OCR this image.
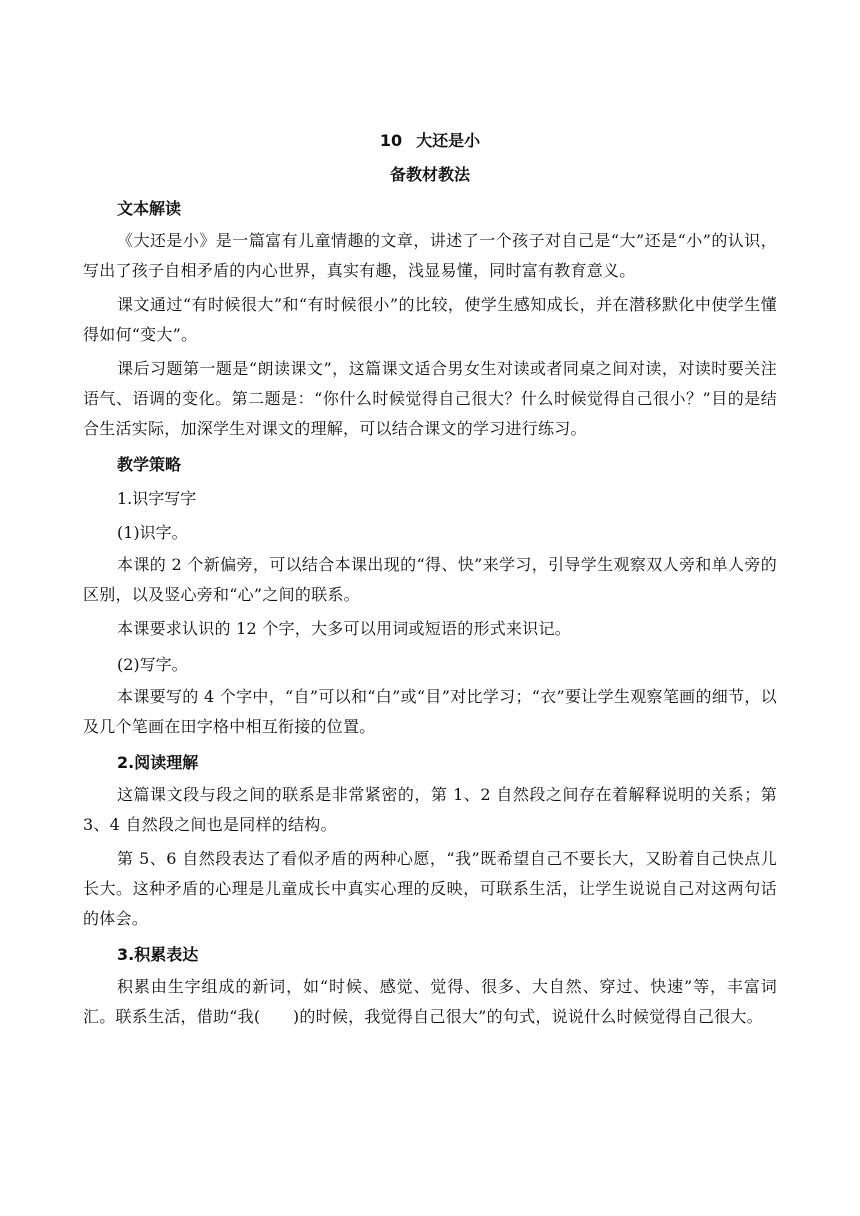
10 大还是小
备教材教法
文本解读

《大还是小》是一篇富有儿童情趣的文章，讲述了一个孩子对自己是“大”还是“小”的认识，写出了孩子自相矛盾的内心世界，真实有趣，浅显易懂，同时富有教育意义。

课文通过“有时候很大”和“有时候很小”的比较，使学生感知成长，并在潜移默化中使学生懂得如何“变大”。

课后习题第一题是“朗读课文”，这篇课文适合男女生对读或者同桌之间对读，对读时要关注语气、语调的变化。第二题是：“你什么时候觉得自己很大？什么时候觉得自己很小？”目的是结合生活实际，加深学生对课文的理解，可以结合课文的学习进行练习。

教学策略
1.识字写字
(1)识字。

本课的 2 个新偏旁，可以结合本课出现的“得、快”来学习，引导学生观察双人旁和单人旁的区别，以及竖心旁和“心”之间的联系。

本课要求认识的 12 个字，大多可以用词或短语的形式来识记。

(2)写字。

本课要写的 4 个字中，“自”可以和“白”或“目”对比学习；“衣”要让学生观察笔画的细节，以及几个笔画在田字格中相互衔接的位置。

2.阅读理解

这篇课文段与段之间的联系是非常紧密的，第 1、2 自然段之间存在着解释说明的关系；第 3、4 自然段之间也是同样的结构。

第 5、6 自然段表达了看似矛盾的两种心愿，“我”既希望自己不要长大，又盼着自己快点儿长大。这种矛盾的心理是儿童成长中真实心理的反映，可联系生活，让学生说说自己对这两句话的体会。

3.积累表达

积累由生字组成的新词，如“时候、感觉、觉得、很多、大自然、穿过、快速”等，丰富词汇。联系生活，借助“我(　　)的时候，我觉得自己很大”的句式，说说什么时候觉得自己很大。
